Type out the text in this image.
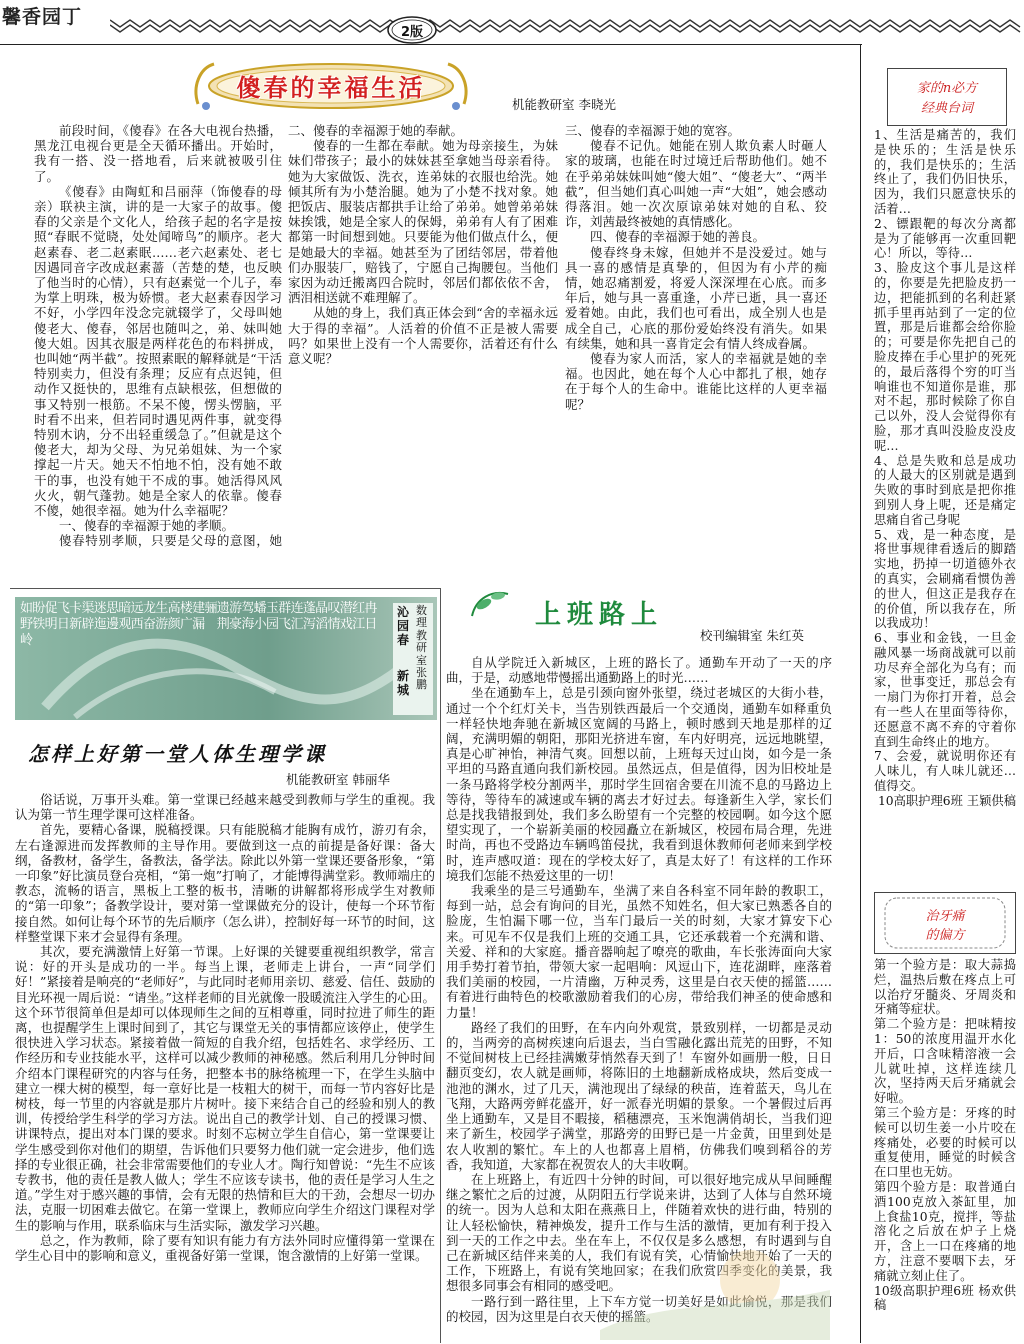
馨香园丁
2版
傻春的幸福生活
机能教研室 李晓光

前段时间，《傻春》在各大电视台热播，黑龙江电视台更是全天循环播出。开始时，我有一搭、没一搭地看，后来就被吸引住了。

《傻春》由陶虹和吕丽萍（饰傻春的母亲）联袂主演，讲的是一大家子的故事。傻春的父亲是个文化人，给孩子起的名字是按照“春眠不觉晓，处处闻啼鸟”的顺序。老大赵素春、老二赵素眠……老六赵素处、老七因遇同音字改成赵素蔷（苦楚的楚，也反映了他当时的心情），只有赵素觉一个儿子，奉为掌上明珠，极为娇惯。老大赵素春因学习不好，小学四年没念完就辍学了，父母叫她傻老大、傻春，邻居也随叫之，弟、妹叫她傻大姐。因其衣服是两样花色的布料拼成，也叫她“两半截”。按照素眠的解释就是“干活特别卖力，但没有条理；反应有点迟钝，但动作又挺快的，思维有点缺根弦，但想做的事又特别一根筋。不呆不傻，愣头愣脑，平时看不出来，但若同时遇见两件事，就变得特别木讷，分不出轻重缓急了。”但就是这个傻老大，却为父母、为兄弟姐妹、为一个家撑起一片天。她天不怕地不怕，没有她不敢干的事，也没有她干不成的事。她活得风风火火，朝气蓬勃。她是全家人的依靠。傻春不傻，她很幸福。她为什么幸福呢？

一、傻春的幸福源于她的孝顺。

傻春特别孝顺，只要是父母的意图，她

二、傻春的幸福源于她的奉献。

傻春的一生都在奉献。她为母亲接生，为妹妹们带孩子；最小的妹妹甚至拿她当母亲看待。她为大家做饭、洗衣，连弟妹的衣服也给洗。她倾其所有为小楚治腿。她为了小楚不找对象。她把饭店、服装店都拱手让给了弟弟。她曾弟弟妹妹挨饿，她是全家人的保姆，弟弟有人有了困难都第一时间想到她。只要能为他们做点什么，便是她最大的幸福。她甚至为了团结邻居，带着他们办服装厂，赔钱了，宁愿自己掏腰包。当他们家因为动迁搬离四合院时，邻居们都依依不舍，洒泪相送就不难理解了。

从她的身上，我们真正体会到“舍的幸福永远大于得的幸福”。人活着的价值不正是被人需要吗？如果世上没有一个人需要你，活着还有什么意义呢？

三、傻春的幸福源于她的宽容。

傻春不记仇。她能在别人欺负素人时砸人家的玻璃，也能在时过境迁后帮助他们。她不在乎弟弟妹妹叫她“傻大姐”、“傻老大”、“两半截”，但当她们真心叫她一声“大姐”，她会感动得落泪。她一次次原谅弟妹对她的自私、狡诈，刘茜最终被她的真情感化。

四、傻春的幸福源于她的善良。

傻春终身未嫁，但她并不是没爱过。她与具一喜的感情是真挚的，但因为有小芹的痴情，她忍痛割爱，将爱人深深埋在心底。而多年后，她与具一喜重逢，小芹已逝，具一喜还爱着她。由此，我们也可看出，成全别人也是成全自己，心底的那份爱始终没有消失。如果有续集，她和具一喜肯定会有情人终成眷属。

傻春为家人而活，家人的幸福就是她的幸福。也因此，她在每个人心中都扎了根，她存在于每个人的生命中。谁能比这样的人更幸福呢？

如野岭
盼铁
促明
飞日
卡新
渠辟
迷迤
思邊
暗观
远西
龙奋
生游
高颜
楼广
建漏
骊 遗荆
游豪
驾海
蟠小
玉园
群飞
连汇
蓬泻
晶滔
叹情
潜戏
红江
冉日
沁园春
新城
数理教研室 张鹏
怎样上好第一堂人体生理学课
机能教研室 韩丽华

俗话说，万事开头难。第一堂课已经越来越受到教师与学生的重视。我认为第一节生理学课可这样准备。

首先，要精心备课，脱稿授课。只有能脱稿才能胸有成竹，游刃有余，左右逢源进而发挥教师的主导作用。要做到这一点的前提是备好课：备大纲，备教材，备学生，备教法，备学法。除此以外第一堂课还要备形象，“第一印象”好比演员登台亮相，“第一炮”打响了，才能博得满堂彩。教师端庄的教态，流畅的语言，黑板上工整的板书，清晰的讲解都将形成学生对教师的“第一印象”；备教学设计，要对第一堂课做充分的设计，使每一个环节衔接自然。如何让每个环节的先后顺序（怎么讲），控制好每一环节的时间，这样整堂课下来才会显得有条理。

其次，要充满激情上好第一节课。上好课的关键要重视组织教学，常言说：好的开头是成功的一半。每当上课，老师走上讲台，一声“同学们好！”紧接着是响亮的“老师好”，与此同时老师用亲切、慈爱、信任、鼓励的目光环视一周后说：“请坐。”这样老师的目光就像一股暖流注入学生的心田。这个环节很简单但是却可以体现师生之间的互相尊重，同时拉进了师生的距离，也提醒学生上课时间到了，其它与课堂无关的事情都应该停止，使学生很快进入学习状态。紧接着做一简短的自我介绍，包括姓名、求学经历、工作经历和专业技能水平，这样可以减少教师的神秘感。然后利用几分钟时间介绍本门课程研究的内容与任务，把整本书的脉络梳理一下，在学生头脑中建立一棵大树的模型，每一章好比是一枝粗大的树干，而每一节内容好比是树枝，每一节里的内容就是那片片树叶。接下来结合自己的经验和别人的教训，传授给学生科学的学习方法。说出自己的教学计划、自己的授课习惯、讲课特点，提出对本门课的要求。时刻不忘树立学生自信心，第一堂课要让学生感受到你对他们的期望，告诉他们只要努力他们就一定会进步，他们选择的专业很正确，社会非常需要他们的专业人才。陶行知曾说：“先生不应该专教书，他的责任是教人做人；学生不应该专读书，他的责任是学习人生之道。”学生对于感兴趣的事情，会有无限的热情和巨大的干劲，会想尽一切办法，克服一切困难去做它。在第一堂课上，教师应向学生介绍这门课程对学生的影响与作用，联系临床与生活实际，激发学习兴趣。

总之，作为教师，除了要有知识有能力有方法外同时应懂得第一堂课在学生心目中的影响和意义，重视备好第一堂课，饱含激情的上好第一堂课。

上班路上
校刊编辑室 朱红英

自从学院迁入新城区，上班的路长了。通勤车开动了一天的序曲，于是，动感地带慢摇出通勤路上的时光……

坐在通勤车上，总是引颈向窗外张望，绕过老城区的大街小巷，通过一个个红灯关卡，当告别铁西最后一个交通岗，通勤车如释重负一样轻快地奔驰在新城区宽阔的马路上，顿时感到天地是那样的辽阔，充满明媚的朝阳，那阳光挤进车窗，车内好明亮，远远地眺望，真是心旷神怡，神清气爽。回想以前，上班每天过山岗，如今是一条平坦的马路直通向我们新校园。虽然远点，但是值得，因为旧校址是一条马路将学校分割两半，那时学生回宿舍要在川流不息的马路边上等待，等待车的减速或车辆的离去才好过去。每逢新生入学，家长们总是找我错报到处，我们多么盼望有一个完整的校园啊。如今这个愿望实现了，一个崭新美丽的校园矗立在新城区，校园布局合理，先进时尚，再也不受路边车辆鸣笛侵扰，我看到退休教师何老师来到学校时，连声感叹道：现在的学校太好了，真是太好了！有这样的工作环境我们怎能不热爱这里的一切！

我乘坐的是三号通勤车，坐满了来自各科室不同年龄的教职工，每到一站，总会有询问的目光，虽然不知姓名，但大家已熟悉各自的脸庞，生怕漏下哪一位，当车门最后一关的时刻，大家才算安下心来。可见车不仅是我们上班的交通工具，它还承载着一个充满和谐、关爱、祥和的大家庭。播音器响起了嘹亮的歌曲，车长张涛面向大家用手势打着节拍，带领大家一起唱响：风逗山下，连花湖畔，座落着我们美丽的校园，一片清幽，万种灵秀，这里是白衣天使的摇篮……有着进行曲特色的校歌激励着我们的心房，带给我们神圣的使命感和力量！

路经了我们的田野，在车内向外观赏，景致别样，一切都是灵动的，当两旁的高树疾速向后退去，当白雪融化露出荒芜的田野，不知不觉间树枝上已经挂满嫩芽悄然春天到了！车窗外如画册一般，日日翻页变幻，农人就是画师，将陈旧的土地翻新成格成块，然后变成一池池的渊水，过了几天，满池现出了绿绿的秧苗，连着蓝天，鸟儿在飞翔，大路两旁鲜花盛开，好一派春光明媚的景象。一个暑假过后再坐上通勤车，又是目不暇接，稻穗漂亮，玉米饱满俏胡长，当我们迎来了新生，校园学子满堂，那路旁的田野已是一片金黄，田里到处是农人收割的繁忙。车上的人也都喜上眉梢，仿佛我们嗅到稻谷的芳香，我知道，大家都在祝贺农人的大丰收啊。

在上班路上，有近四十分钟的时间，可以很好地完成从早间睡醒继之繁忙之后的过渡，从阴阳五行学说来讲，达到了人体与自然环境的统一。因为人总和太阳在燕燕日上，伴随着欢快的进行曲，特别的让人轻松愉快，精神焕发，提升工作与生活的激情，更加有利于投入到一天的工作之中去。坐在车上，不仅仅是多么感想，有时遇到与自己在新城区结伴来美的人，我们有说有笑，心情愉快地开始了一天的工作，下班路上，有说有笑地回家；在我们欣赏四季变化的美景，我想很多同事会有相同的感受吧。

一路行到一路往里，上下车方觉一切美好是如此愉悦，那是我们的校园，因为这里是白衣天使的摇篮。

家的n必方
经典台词
1、生活是痛苦的，我们是快乐的；生活是快乐的，我们是快乐的；生活终止了，我们仍旧快乐，因为，我们只愿意快乐的活着…
2、镖跟靶的每次分离都是为了能够再一次重回靶心！所以，等待…
3、脸皮这个事儿是这样的，你要是先把脸皮扔一边，把能抓到的名利赶紧抓手里再站到了一定的位置，那是后谁都会给你脸的；可要是你先把自己的脸皮捧在手心里护的死死的，最后落得个穷的叮当响谁也不知道你是谁，那对不起，那时候除了你自己以外，没人会觉得你有脸，那才真叫没脸皮没皮呢…
4、总是失败和总是成功的人最大的区别就是遇到失败的事时到底是把你推到别人身上呢，还是痛定思痛自省己身呢
5、戏，是一种态度，是将世事规律看透后的脚踏实地，扔掉一切道德外衣的真实，会刷痛看惯伪善的世人，但这正是我存在的价值，所以我存在，所以我成功！
6、事业和金钱，一旦金融风暴一场商战就可以前功尽弃全部化为乌有；而家，世事变迁，那总会有一扇门为你打开着，总会有一些人在里面等待你，还愿意不离不弃的守着你直到生命终止的地方。
7、会爱，就说明你还有人味儿，有人味儿就还…值得交。
10高职护理6班 王颖供稿
治牙痛
的偏方
第一个验方是：取大蒜捣烂，温热后敷在疼点上可以治疗牙髓炎、牙周炎和牙痛等症状。
第二个验方是：把味精按1：50的浓度用温开水化开后，口含味精溶液一会儿就吐掉，这样连续几次，坚持两天后牙痛就会好啦。
第三个验方是：牙疼的时候可以切生姜一小片咬在疼痛处，必要的时候可以重复使用，睡觉的时候含在口里也无妨。
第四个验方是：取普通白酒100克放入茶缸里，加上食盐10克，搅拌，等盐溶化之后放在炉子上烧开，含上一口在疼痛的地方，注意不要咽下去，牙痛就立刻止住了。
10级高职护理6班 杨欢供稿
